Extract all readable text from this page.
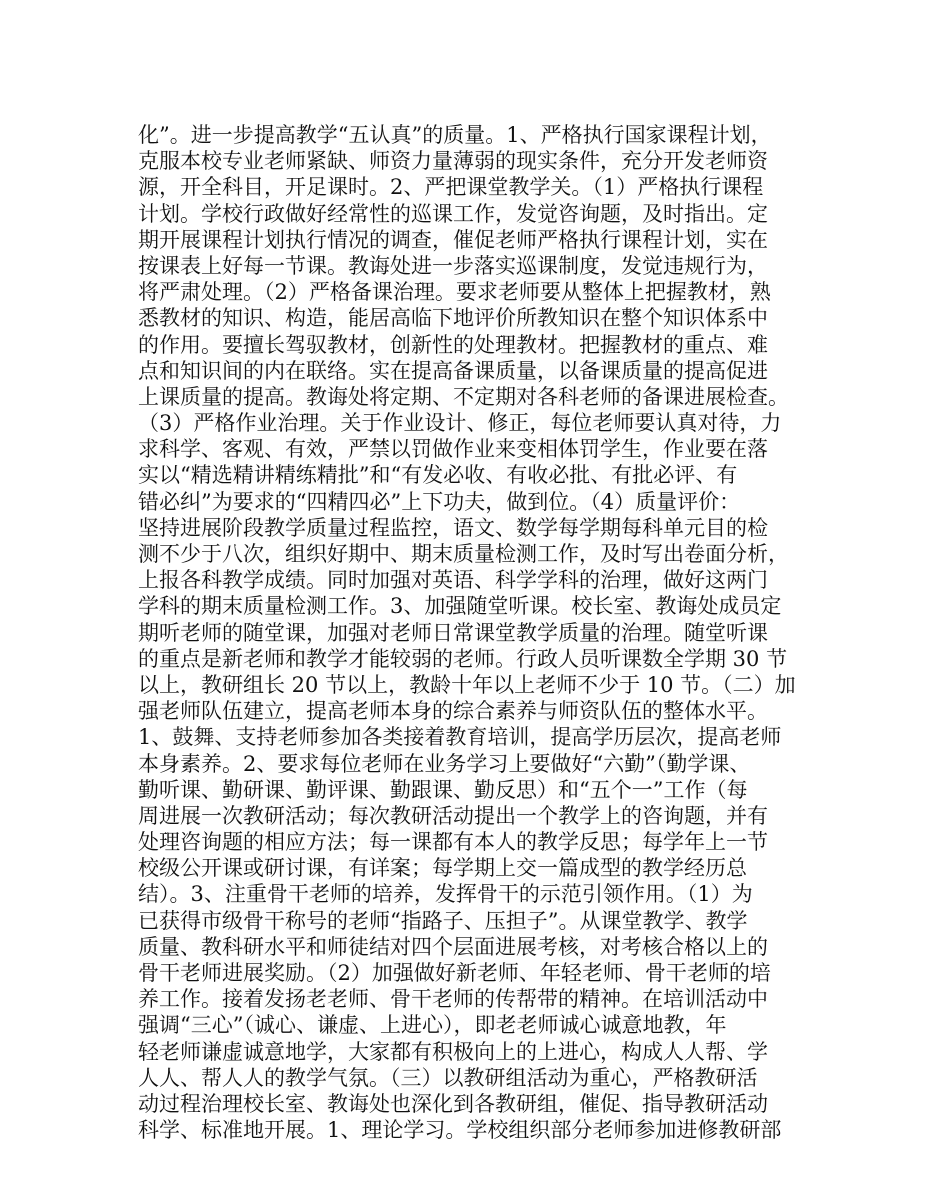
化”。进一步提高教学“五认真”的质量。1、严格执行国家课程计划，
克服本校专业老师紧缺、师资力量薄弱的现实条件，充分开发老师资
源，开全科目，开足课时。2、严把课堂教学关。（1）严格执行课程
计划。学校行政做好经常性的巡课工作，发觉咨询题，及时指出。定
期开展课程计划执行情况的调查，催促老师严格执行课程计划，实在
按课表上好每一节课。教诲处进一步落实巡课制度，发觉违规行为，
将严肃处理。（2）严格备课治理。要求老师要从整体上把握教材，熟
悉教材的知识、构造，能居高临下地评价所教知识在整个知识体系中
的作用。要擅长驾驭教材，创新性的处理教材。把握教材的重点、难
点和知识间的内在联络。实在提高备课质量，以备课质量的提高促进
上课质量的提高。教诲处将定期、不定期对各科老师的备课进展检查。
（3）严格作业治理。关于作业设计、修正，每位老师要认真对待，力
求科学、客观、有效，严禁以罚做作业来变相体罚学生，作业要在落
实以“精选精讲精练精批”和“有发必收、有收必批、有批必评、有
错必纠”为要求的“四精四必”上下功夫，做到位。（4）质量评价：
坚持进展阶段教学质量过程监控，语文、数学每学期每科单元目的检
测不少于八次，组织好期中、期末质量检测工作，及时写出卷面分析，
上报各科教学成绩。同时加强对英语、科学学科的治理，做好这两门
学科的期末质量检测工作。3、加强随堂听课。校长室、教诲处成员定
期听老师的随堂课，加强对老师日常课堂教学质量的治理。随堂听课
的重点是新老师和教学才能较弱的老师。行政人员听课数全学期 30 节
以上，教研组长 20 节以上，教龄十年以上老师不少于 10 节。（二）加
强老师队伍建立，提高老师本身的综合素养与师资队伍的整体水平。
1、鼓舞、支持老师参加各类接着教育培训，提高学历层次，提高老师
本身素养。2、要求每位老师在业务学习上要做好“六勤”（勤学课、
勤听课、勤研课、勤评课、勤跟课、勤反思）和“五个一”工作（每
周进展一次教研活动；每次教研活动提出一个教学上的咨询题，并有
处理咨询题的相应方法；每一课都有本人的教学反思；每学年上一节
校级公开课或研讨课，有详案；每学期上交一篇成型的教学经历总
结）。3、注重骨干老师的培养，发挥骨干的示范引领作用。（1）为
已获得市级骨干称号的老师“指路子、压担子”。从课堂教学、教学
质量、教科研水平和师徒结对四个层面进展考核，对考核合格以上的
骨干老师进展奖励。（2）加强做好新老师、年轻老师、骨干老师的培
养工作。接着发扬老老师、骨干老师的传帮带的精神。在培训活动中
强调“三心”（诚心、谦虚、上进心），即老老师诚心诚意地教，年
轻老师谦虚诚意地学，大家都有积极向上的上进心，构成人人帮、学
人人、帮人人的教学气氛。（三）以教研组活动为重心，严格教研活
动过程治理校长室、教诲处也深化到各教研组，催促、指导教研活动
科学、标准地开展。1、理论学习。学校组织部分老师参加进修教研部
